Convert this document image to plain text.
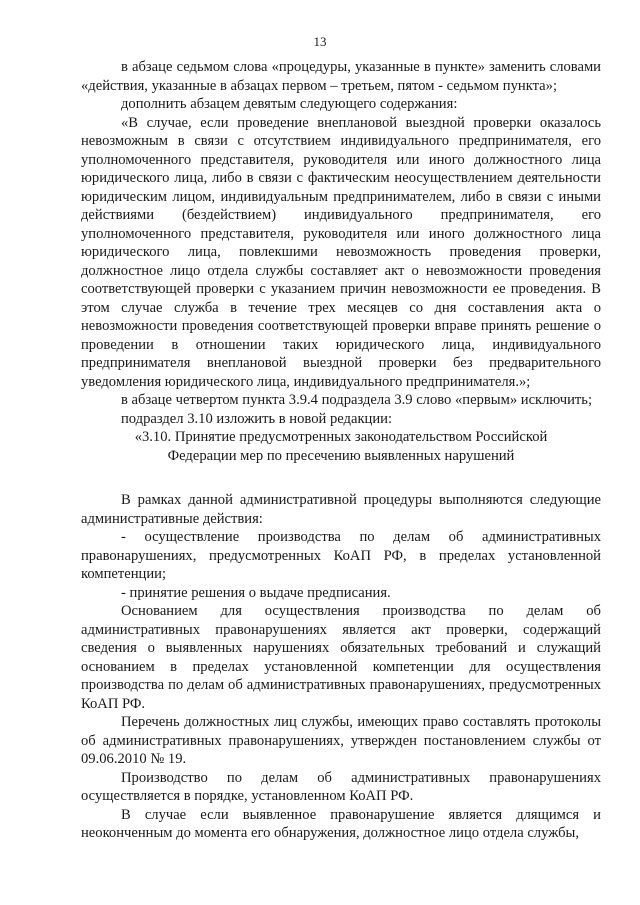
13

в абзаце седьмом слова «процедуры, указанные в пункте» заменить словами «действия, указанные в абзацах первом – третьем, пятом - седьмом пункта»;

дополнить абзацем девятым следующего содержания:

«В случае, если проведение внеплановой выездной проверки оказалось невозможным в связи с отсутствием индивидуального предпринимателя, его уполномоченного представителя, руководителя или иного должностного лица юридического лица, либо в связи с фактическим неосуществлением деятельности юридическим лицом, индивидуальным предпринимателем, либо в связи с иными действиями (бездействием) индивидуального предпринимателя, его уполномоченного представителя, руководителя или иного должностного лица юридического лица, повлекшими невозможность проведения проверки, должностное лицо отдела службы составляет акт о невозможности проведения соответствующей проверки с указанием причин невозможности ее проведения. В этом случае служба в течение трех месяцев со дня составления акта о невозможности проведения соответствующей проверки вправе принять решение о проведении в отношении таких юридического лица, индивидуального предпринимателя внеплановой выездной проверки без предварительного уведомления юридического лица, индивидуального предпринимателя.»;

в абзаце четвертом пункта 3.9.4 подраздела 3.9 слово «первым» исключить;

подраздел 3.10 изложить в новой редакции:

«3.10. Принятие предусмотренных законодательством Российской

Федерации мер по пресечению выявленных нарушений

В рамках данной административной процедуры выполняются следующие административные действия:

- осуществление производства по делам об административных правонарушениях, предусмотренных КоАП РФ, в пределах установленной компетенции;

- принятие решения о выдаче предписания.

Основанием для осуществления производства по делам об административных правонарушениях является акт проверки, содержащий сведения о выявленных нарушениях обязательных требований и служащий основанием в пределах установленной компетенции для осуществления производства по делам об административных правонарушениях, предусмотренных КоАП РФ.

Перечень должностных лиц службы, имеющих право составлять протоколы об административных правонарушениях, утвержден постановлением службы от 09.06.2010 № 19.

Производство по делам об административных правонарушениях осуществляется в порядке, установленном КоАП РФ.

В случае если выявленное правонарушение является длящимся и неоконченным до момента его обнаружения, должностное лицо отдела службы,
